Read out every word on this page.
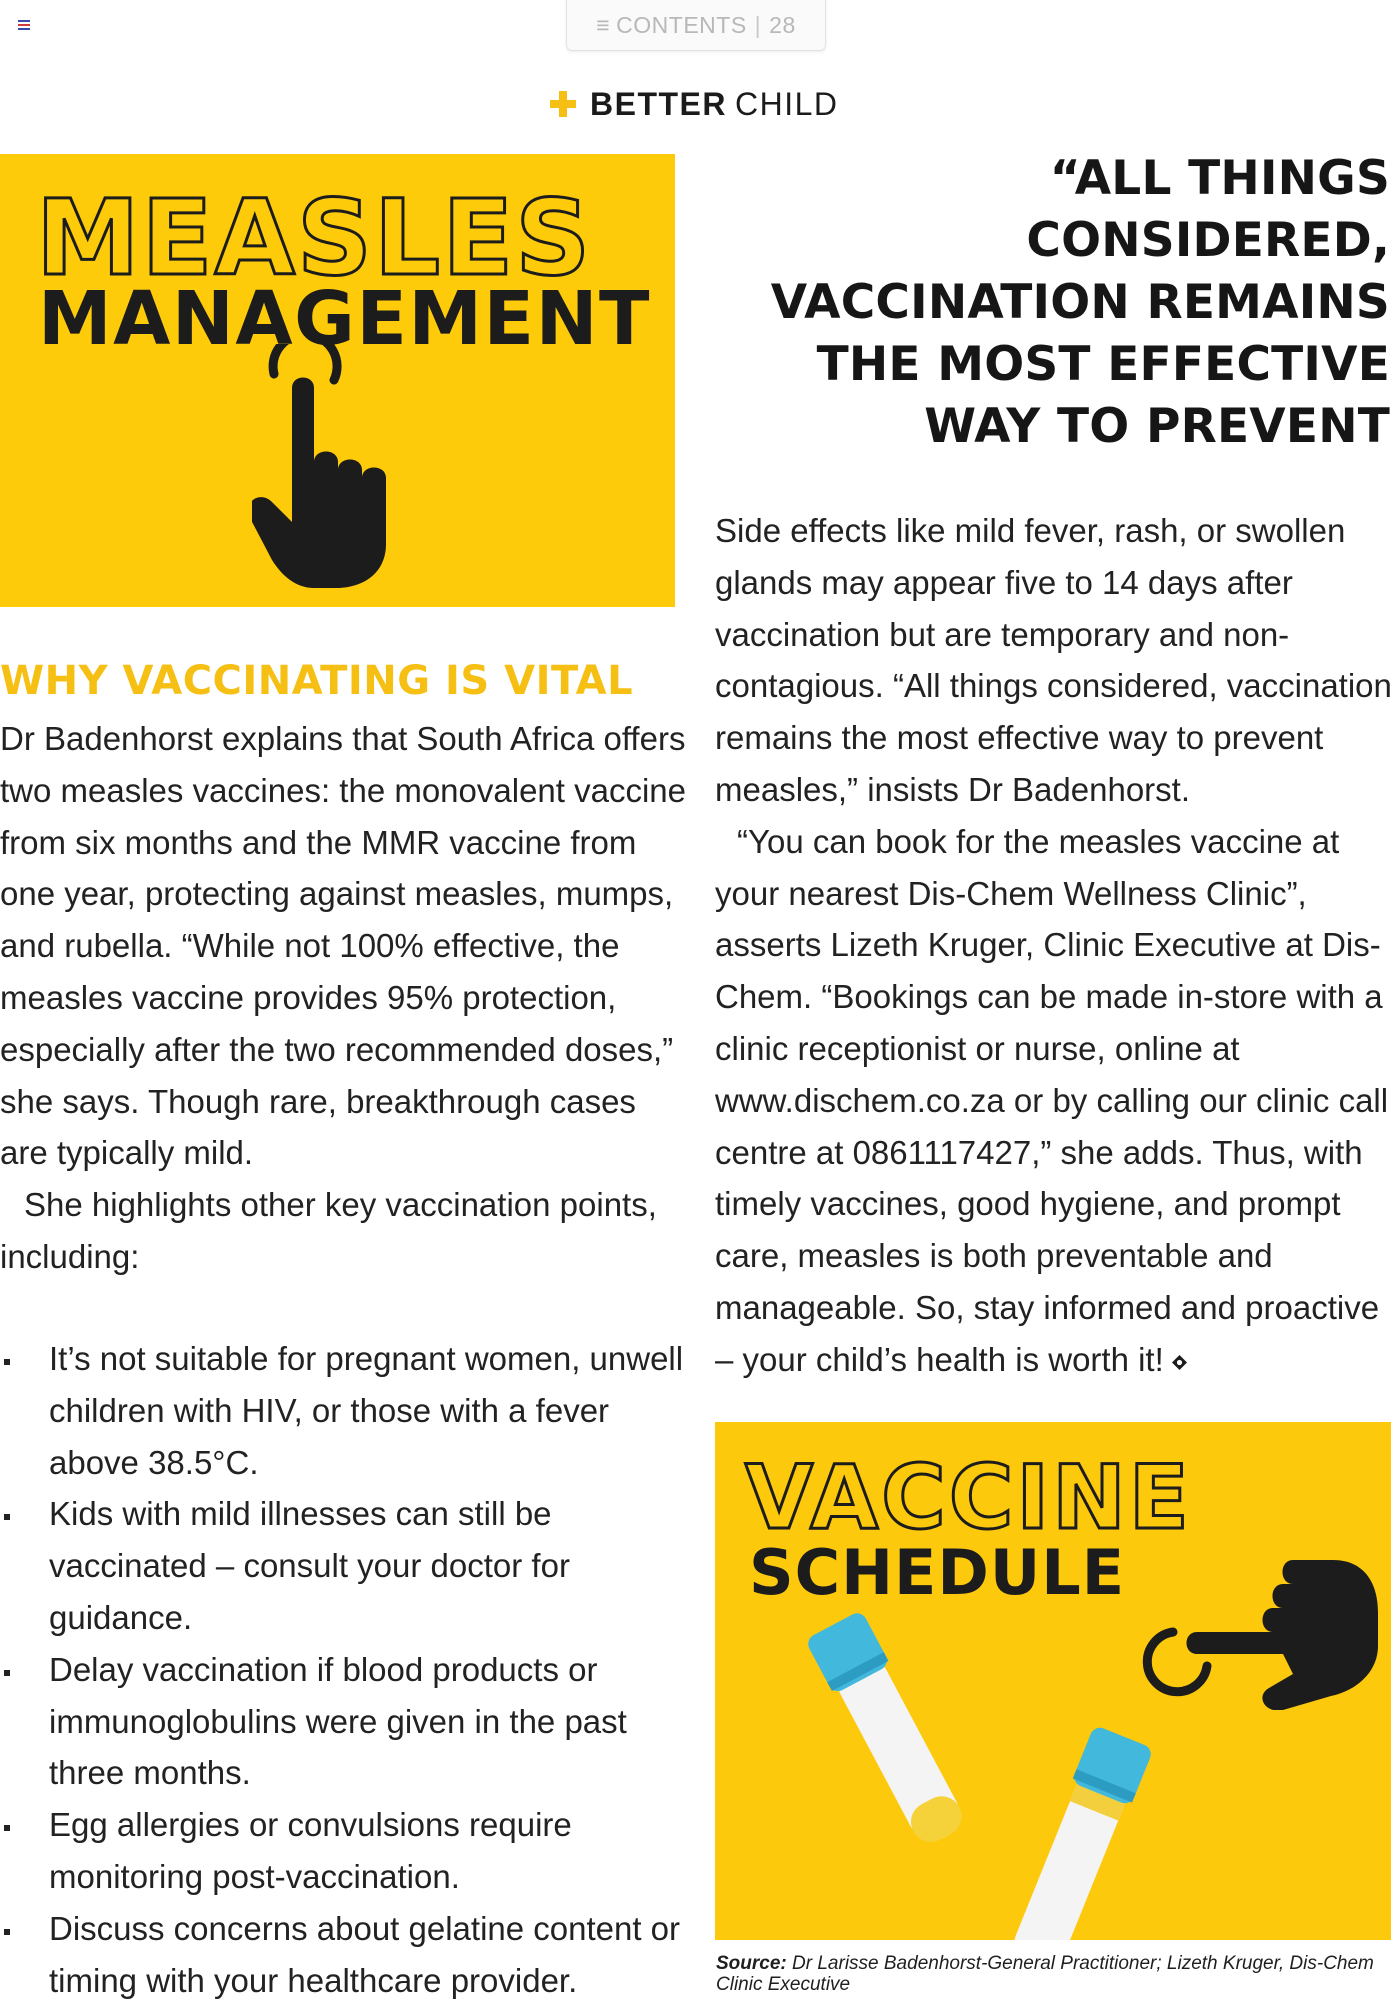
≡ CONTENTS | 28
BETTER CHILD
MEASLES
MANAGEMENT
“ALL THINGS
CONSIDERED,
VACCINATION REMAINS
THE MOST EFFECTIVE
WAY TO PREVENT
WHY VACCINATING IS VITAL

Dr Badenhorst explains that South Africa offers two measles vaccines: the monovalent vaccine from six months and the MMR vaccine from one year, protecting against measles, mumps, and rubella. “While not 100% effective, the measles vaccine provides 95% protection, especially after the two recommended doses,” she says. Though rare, breakthrough cases are typically mild.

She highlights other key vaccination points, including:

It’s not suitable for pregnant women, unwell children with HIV, or those with a fever above 38.5°C.
Kids with mild illnesses can still be vaccinated – consult your doctor for guidance.
Delay vaccination if blood products or immunoglobulins were given in the past three months.
Egg allergies or convulsions require monitoring post-vaccination.
Discuss concerns about gelatine content or timing with your healthcare provider.

Side effects like mild fever, rash, or swollen glands may appear five to 14 days after vaccination but are temporary and non-contagious. “All things considered, vaccination remains the most effective way to prevent measles,” insists Dr Badenhorst.

“You can book for the measles vaccine at your nearest Dis-Chem Wellness Clinic”, asserts Lizeth Kruger, Clinic Executive at Dis-Chem. “Bookings can be made in-store with a clinic receptionist or nurse, online at www.dischem.co.za or by calling our clinic call centre at 0861117427,” she adds. Thus, with timely vaccines, good hygiene, and prompt care, measles is both preventable and manageable. So, stay informed and proactive – your child’s health is worth it!

VACCINE
SCHEDULE
Source: Dr Larisse Badenhorst-General Practitioner; Lizeth Kruger, Dis-Chem Clinic Executive
